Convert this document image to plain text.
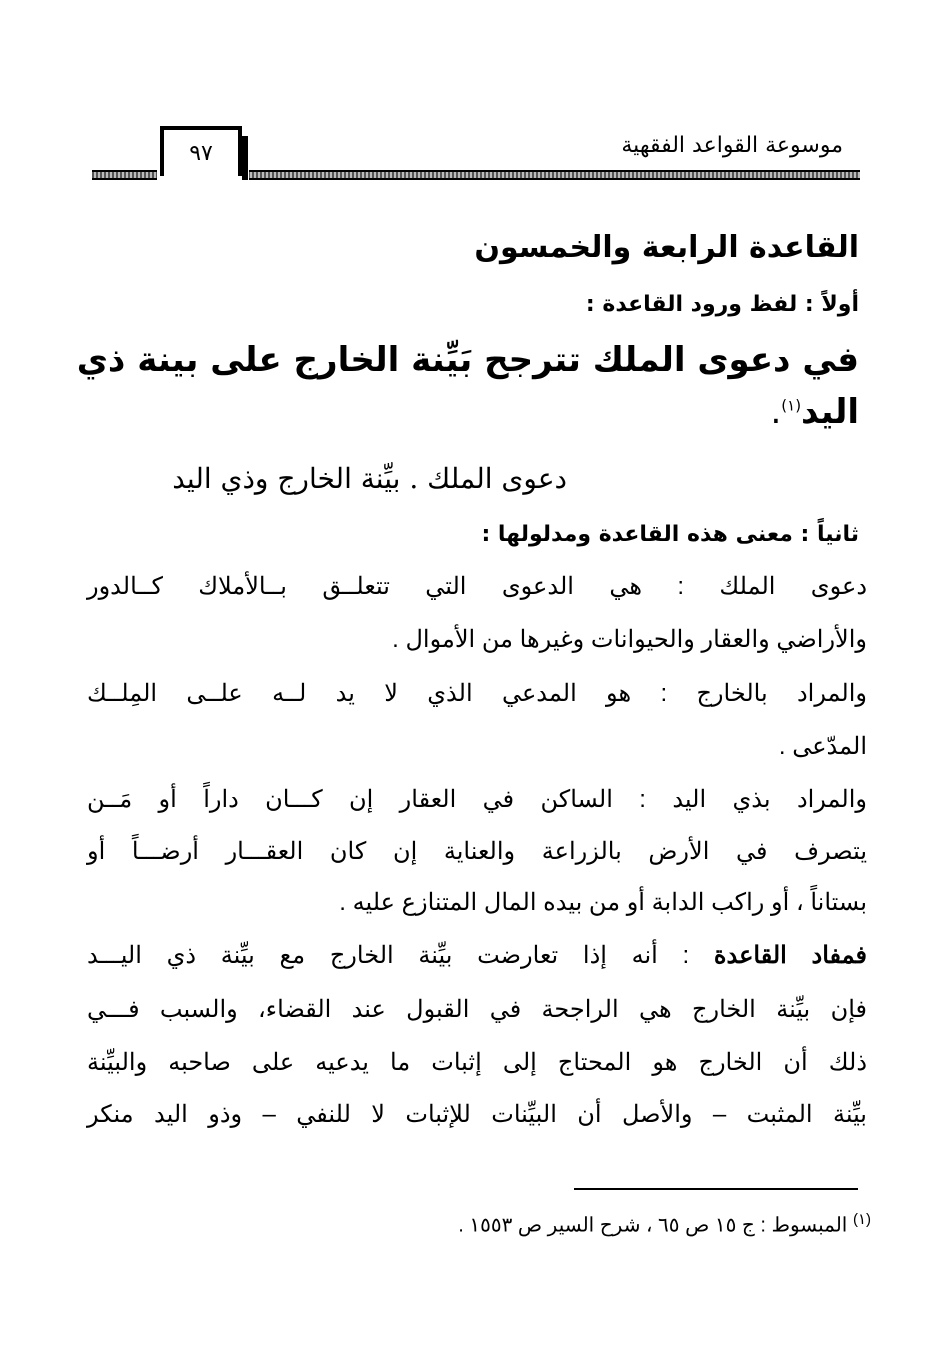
موسوعة القواعد الفقهية
٩٧
القاعدة الرابعة والخمسون
أولاً : لفظ ورود القاعدة :
في دعوى الملك تترجح بَيِّنة الخارج على بينة ذي
اليد$^{(١)}$.
دعوى الملك . بيِّنة الخارج وذي اليد
ثانياً : معنى هذه القاعدة ومدلولها :
دعوى الملك : هي الدعوى التي تتعلــق بــالأملاك كــالدور
والأراضي والعقار والحيوانات وغيرها من الأموال .
والمراد بالخارج : هو المدعي الذي لا يد لــه علــى المِلــك
المدّعى .
والمراد بذي اليد : الساكن في العقار إن كـــان داراً أو مَــن
يتصرف في الأرض بالزراعة والعناية إن كان العقـــار أرضـــاً أو
بستاناً ، أو راكب الدابة أو من بيده المال المتنازع عليه .
فمفاد القاعدة : أنه إذا تعارضت بيِّنة الخارج مع بيِّنة ذي اليـــد
فإن بيِّنة الخارج هي الراجحة في القبول عند القضاء، والسبب فـــي
ذلك أن الخارج هو المحتاج إلى إثبات ما يدعيه على صاحبه والبيِّنة
بيِّنة المثبت – والأصل أن البيِّنات للإثبات لا للنفي – وذو اليد منكر
$^{(١)}$ المبسوط : ج ١٥ ص ٦٥ ، شرح السير ص ١٥٥٣ .
